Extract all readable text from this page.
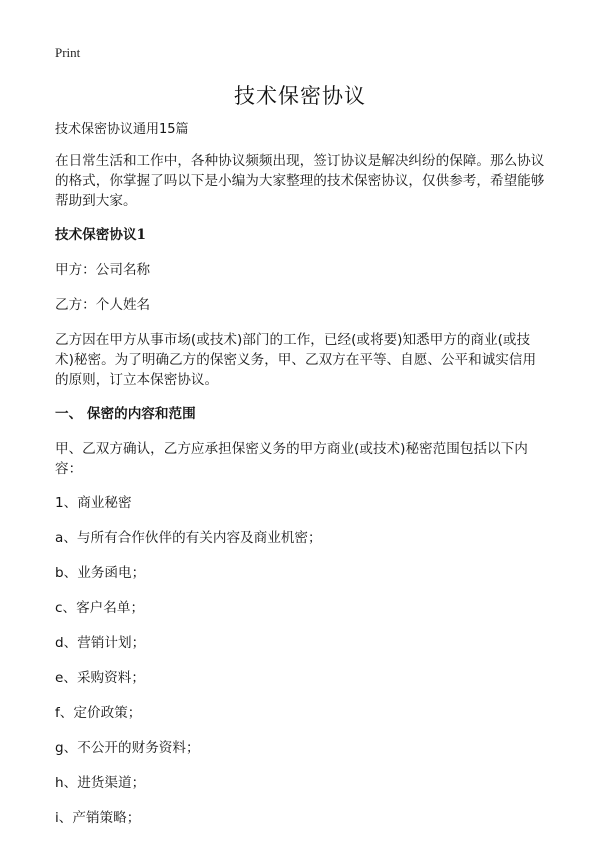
Print
技术保密协议

技术保密协议通用15篇

在日常生活和工作中，各种协议频频出现，签订协议是解决纠纷的保障。那么协议的格式，你掌握了吗以下是小编为大家整理的技术保密协议，仅供参考，希望能够帮助到大家。

技术保密协议1

甲方：公司名称

乙方：个人姓名

乙方因在甲方从事市场(或技术)部门的工作，已经(或将要)知悉甲方的商业(或技术)秘密。为了明确乙方的保密义务，甲、乙双方在平等、自愿、公平和诚实信用的原则，订立本保密协议。

一、 保密的内容和范围

甲、乙双方确认，乙方应承担保密义务的甲方商业(或技术)秘密范围包括以下内容：

1、商业秘密

a、与所有合作伙伴的有关内容及商业机密；

b、业务函电；

c、客户名单；

d、营销计划；

e、采购资料；

f、定价政策；

g、不公开的财务资料；

h、进货渠道；

i、产销策略；
